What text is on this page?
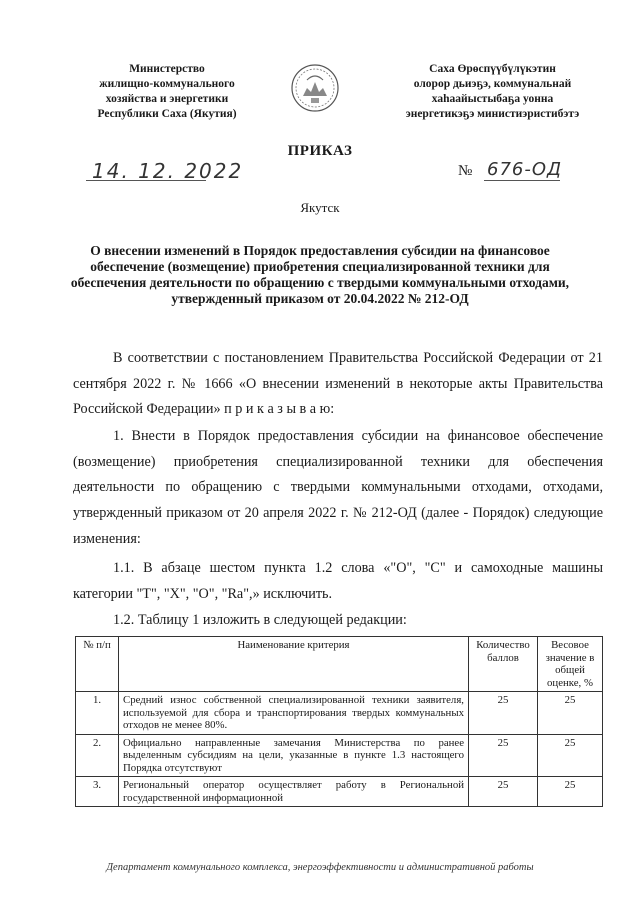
Министерство
жилищно-коммунального
хозяйства и энергетики
Республики Саха (Якутия)
Саха Өрөспүүбүлүкэтин
олорор дьиэҕэ, коммунальнай
хаһаайыстыбаҕа уонна
энергетикэҕэ министиэристибэтэ
ПРИКАЗ
14. 12. 2022	№ 676-ОД
Якутск
О внесении изменений в Порядок предоставления субсидии на финансовое обеспечение (возмещение) приобретения специализированной техники для обеспечения деятельности по обращению с твердыми коммунальными отходами, утвержденный приказом от 20.04.2022 № 212-ОД

В соответствии с постановлением Правительства Российской Федерации от 21 сентября 2022 г. № 1666 «О внесении изменений в некоторые акты Правительства Российской Федерации» п р и к а з ы в а ю:

1. Внести в Порядок предоставления субсидии на финансовое обеспечение (возмещение) приобретения специализированной техники для обеспечения деятельности по обращению с твердыми коммунальными отходами, отходами, утвержденный приказом от 20 апреля 2022 г. № 212-ОД (далее - Порядок) следующие изменения:

1.1. В абзаце шестом пункта 1.2 слова «"О", "С" и самоходные машины категории "Т", "Х", "О", "Ra",» исключить.

1.2. Таблицу 1 изложить в следующей редакции:

№ п/п	Наименование критерия	Количество баллов	Весовое значение в общей оценке, %
1.	Средний износ собственной специализированной техники заявителя, используемой для сбора и транспортирования твердых коммунальных отходов не менее 80%.	25	25
2.	Официально направленные замечания Министерства по ранее выделенным субсидиям на цели, указанные в пункте 1.3 настоящего Порядка отсутствуют	25	25
3.	Региональный оператор осуществляет работу в Региональной государственной информационной	25	25
Департамент коммунального комплекса, энергоэффективности и административной работы
